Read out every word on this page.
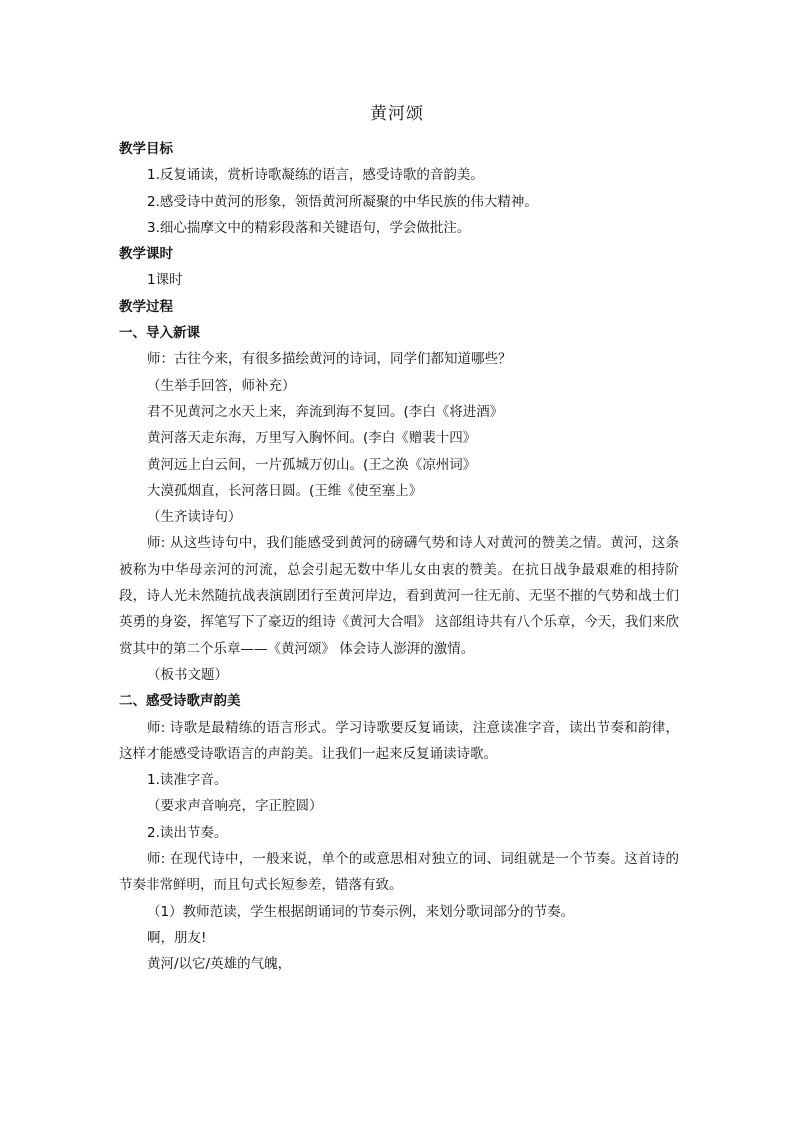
黄河颂
教学目标
1.反复诵读，赏析诗歌凝练的语言，感受诗歌的音韵美。
2.感受诗中黄河的形象，领悟黄河所凝聚的中华民族的伟大精神。
3.细心揣摩文中的精彩段落和关键语句，学会做批注。
教学课时
1课时
教学过程
一、导入新课
师：古往今来，有很多描绘黄河的诗词，同学们都知道哪些？
（生举手回答，师补充）
君不见黄河之水天上来，奔流到海不复回。(李白《将进酒》
黄河落天走东海，万里写入胸怀间。(李白《赠裴十四》
黄河远上白云间，一片孤城万仞山。(王之涣《凉州词》
大漠孤烟直，长河落日圆。(王维《使至塞上》
（生齐读诗句）
师: 从这些诗句中，我们能感受到黄河的磅礴气势和诗人对黄河的赞美之情。黄河，这条被称为中华母亲河的河流，总会引起无数中华儿女由衷的赞美。在抗日战争最艰难的相持阶段，诗人光未然随抗战表演剧团行至黄河岸边，看到黄河一往无前、无坚不摧的气势和战士们英勇的身姿，挥笔写下了豪迈的组诗《黄河大合唱》 这部组诗共有八个乐章，今天，我们来欣赏其中的第二个乐章——《黄河颂》 体会诗人澎湃的激情。
（板书文题）
二、感受诗歌声韵美
师: 诗歌是最精练的语言形式。学习诗歌要反复诵读，注意读准字音，读出节奏和韵律，这样才能感受诗歌语言的声韵美。让我们一起来反复诵读诗歌。
1.读准字音。
（要求声音响亮，字正腔圆）
2.读出节奏。
师: 在现代诗中，一般来说，单个的或意思相对独立的词、词组就是一个节奏。这首诗的节奏非常鲜明，而且句式长短参差，错落有致。
（1）教师范读，学生根据朗诵词的节奏示例，来划分歌词部分的节奏。
啊，朋友!
黄河/以它/英雄的气魄，
